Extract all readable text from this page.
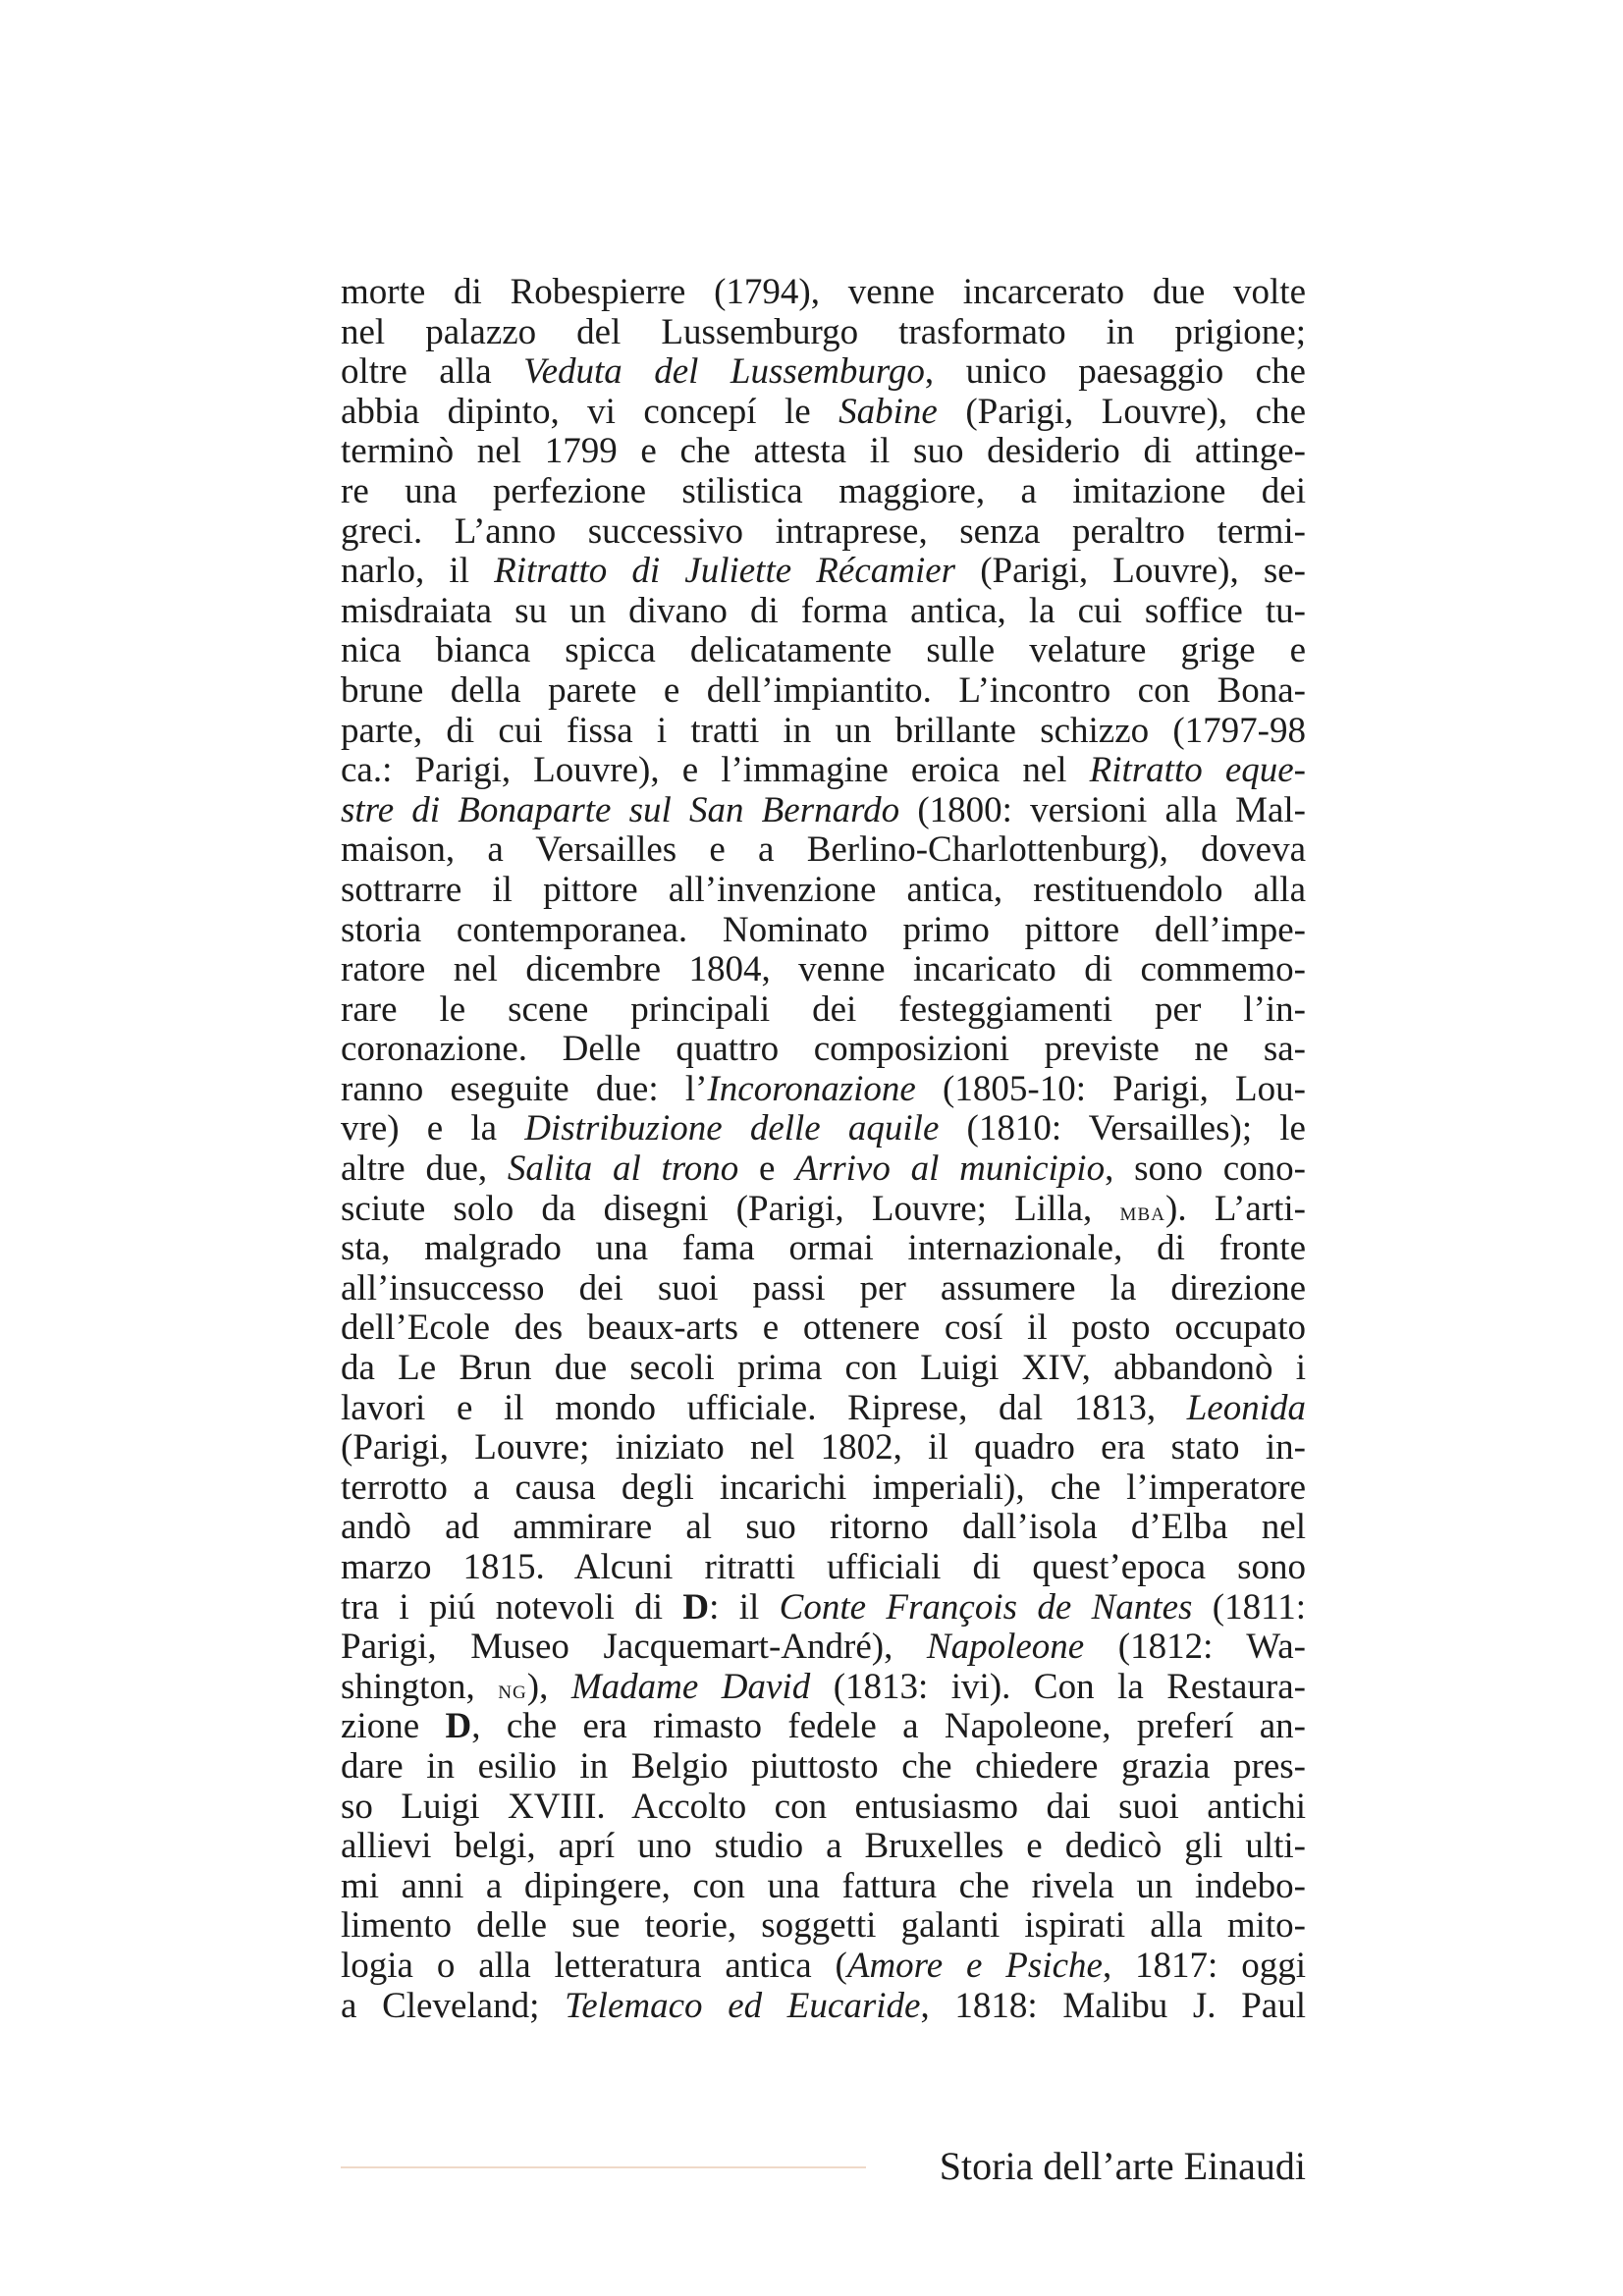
morte di Robespierre (1794), venne incarcerato due volte
nel palazzo del Lussemburgo trasformato in prigione;
oltre alla Veduta del Lussemburgo, unico paesaggio che
abbia dipinto, vi concepí le Sabine (Parigi, Louvre), che
terminò nel 1799 e che attesta il suo desiderio di attinge-
re una perfezione stilistica maggiore, a imitazione dei
greci. L’anno successivo intraprese, senza peraltro termi-
narlo, il Ritratto di Juliette Récamier (Parigi, Louvre), se-
misdraiata su un divano di forma antica, la cui soffice tu-
nica bianca spicca delicatamente sulle velature grige e
brune della parete e dell’impiantito. L’incontro con Bona-
parte, di cui fissa i tratti in un brillante schizzo (1797-98
ca.: Parigi, Louvre), e l’immagine eroica nel Ritratto eque-
stre di Bonaparte sul San Bernardo (1800: versioni alla Mal-
maison, a Versailles e a Berlino-Charlottenburg), doveva
sottrarre il pittore all’invenzione antica, restituendolo alla
storia contemporanea. Nominato primo pittore dell’impe-
ratore nel dicembre 1804, venne incaricato di commemo-
rare le scene principali dei festeggiamenti per l’in-
coronazione. Delle quattro composizioni previste ne sa-
ranno eseguite due: l’Incoronazione (1805-10: Parigi, Lou-
vre) e la Distribuzione delle aquile (1810: Versailles); le
altre due, Salita al trono e Arrivo al municipio, sono cono-
sciute solo da disegni (Parigi, Louvre; Lilla, mba). L’arti-
sta, malgrado una fama ormai internazionale, di fronte
all’insuccesso dei suoi passi per assumere la direzione
dell’Ecole des beaux-arts e ottenere cosí il posto occupato
da Le Brun due secoli prima con Luigi XIV, abbandonò i
lavori e il mondo ufficiale. Riprese, dal 1813, Leonida
(Parigi, Louvre; iniziato nel 1802, il quadro era stato in-
terrotto a causa degli incarichi imperiali), che l’imperatore
andò ad ammirare al suo ritorno dall’isola d’Elba nel
marzo 1815. Alcuni ritratti ufficiali di quest’epoca sono
tra i piú notevoli di D: il Conte François de Nantes (1811:
Parigi, Museo Jacquemart-André), Napoleone (1812: Wa-
shington, ng), Madame David (1813: ivi). Con la Restaura-
zione D, che era rimasto fedele a Napoleone, preferí an-
dare in esilio in Belgio piuttosto che chiedere grazia pres-
so Luigi XVIII. Accolto con entusiasmo dai suoi antichi
allievi belgi, aprí uno studio a Bruxelles e dedicò gli ulti-
mi anni a dipingere, con una fattura che rivela un indebo-
limento delle sue teorie, soggetti galanti ispirati alla mito-
logia o alla letteratura antica (Amore e Psiche, 1817: oggi
a Cleveland; Telemaco ed Eucaride, 1818: Malibu J. Paul
Storia dell’arte Einaudi
